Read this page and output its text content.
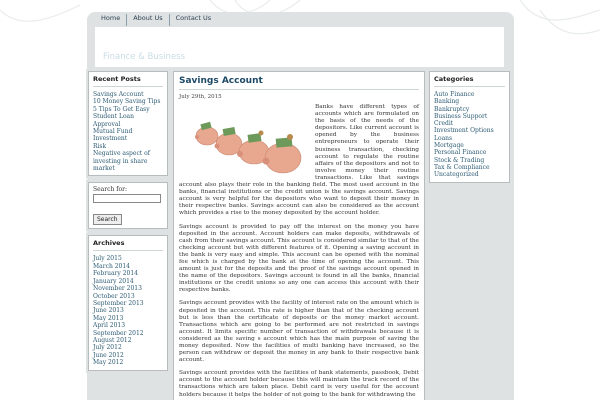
Home	About Us	Contact Us
Finance & Business
Recent Posts
Savings Account
10 Money Saving Tips
5 Tips To Get Easy
Student Loan Approval
Mutual Fund Investment
Risk
Negative aspect of
investing in share
market
Search for:
Search
Archives
July 2015
March 2014
February 2014
January 2014
November 2013
October 2013
September 2013
June 2013
May 2013
April 2013
September 2012
August 2012
July 2012
June 2012
May 2012
Savings Account
July 29th, 2015

Banks have different types of accounts which are formulated on the basis of the needs of the depositors. Like current account is opened by the business entrepreneurs to operate their business transaction, checking account to regulate the routine affairs of the depositors and not to involve money their routine transactions. Like that savings account also plays their role in the banking field. The most used account in the banks, financial institutions or the credit union is the savings account. Savings account is very helpful for the depositors who want to deposit their money in their respective banks. Savings account can also be considered as the account which provides a rise to the money deposited by the account holder.

Savings account is provided to pay off the interest on the money you have deposited in the account. Account holders can make deposits, withdrawals of cash from their savings account. This account is considered similar to that of the checking account but with different features of it. Opening a saving account in the bank is very easy and simple. This account can be opened with the nominal fee which is charged by the bank at the time of opening the account. This amount is just for the deposits and the proof of the savings account opened in the name of the depositors. Savings account is found in all the banks, financial institutions or the credit unions so any one can access this account with their respective banks.

Savings account provides with the facility of interest rate on the amount which is deposited in the account. This rate is higher than that of the checking account but is less than the certificate of deposits or the money market account. Transactions which are going to be performed are not restricted in savings account. It limits specific number of transaction of withdrawals because it is considered as the saving s account which has the main purpose of saving the money deposited. Now the facilities of multi banking have increased, so the person can withdraw or deposit the money in any bank to their respective bank account.

Savings account provides with the facilities of bank statements, passbook, Debit account to the account holder because this will maintain the track record of the transactions which are taken place. Debit card is very useful for the account holders because it helps the holder of not going to the bank for withdrawing the

Categories
Auto Finance
Banking
Bankruptcy
Business Support
Credit
Investment Options
Loans
Mortgage
Personal Finance
Stock & Trading
Tax & Compliance
Uncategorized
